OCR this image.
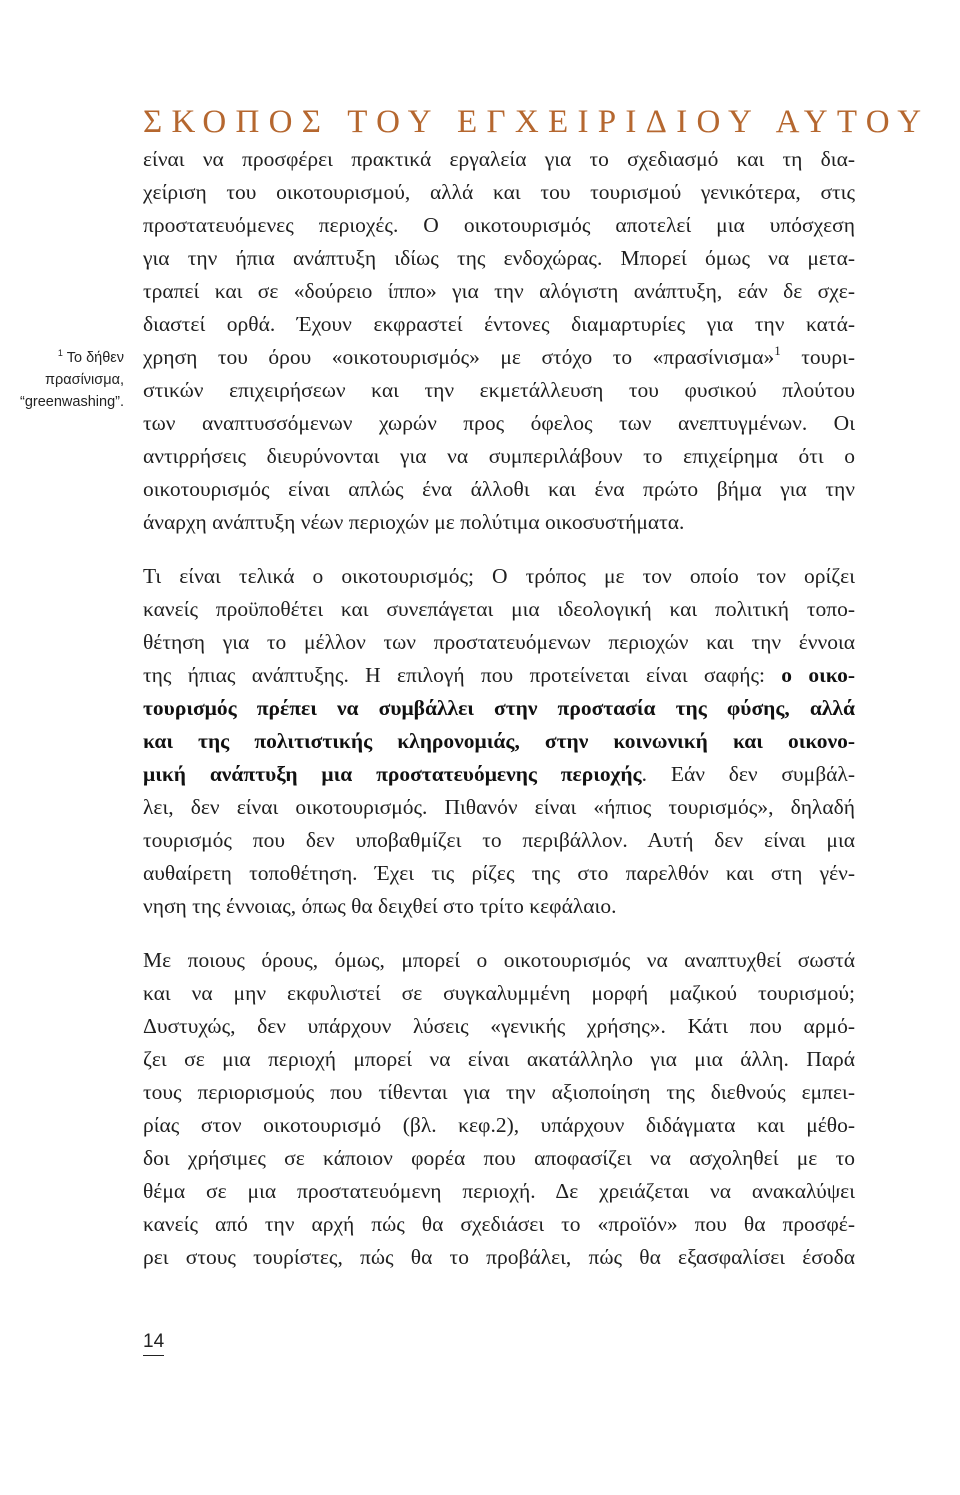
ΣΚΟΠΟΣ ΤΟΥ ΕΓΧΕΙΡΙΔΙΟΥ ΑΥΤΟΥ
$^1$ Το δήθεν
πρασίνισμα,
“greenwashing”.
είναι να προσφέρει πρακτικά εργαλεία για το σχεδιασμό και τη δια-
χείριση του οικοτουρισμού, αλλά και του τουρισμού γενικότερα, στις
προστατευόμενες περιοχές. Ο οικοτουρισμός αποτελεί μια υπόσχεση
για την ήπια ανάπτυξη ιδίως της ενδοχώρας. Μπορεί όμως να μετα-
τραπεί και σε «δούρειο ίππο» για την αλόγιστη ανάπτυξη, εάν δε σχε-
διαστεί ορθά. Έχουν εκφραστεί έντονες διαμαρτυρίες για την κατά-
χρηση του όρου «οικοτουρισμός» με στόχο το «πρασίνισμα»$^1$ τουρι-
στικών επιχειρήσεων και την εκμετάλλευση του φυσικού πλούτου
των αναπτυσσόμενων χωρών προς όφελος των ανεπτυγμένων. Οι
αντιρρήσεις διευρύνονται για να συμπεριλάβουν το επιχείρημα ότι ο
οικοτουρισμός είναι απλώς ένα άλλοθι και ένα πρώτο βήμα για την
άναρχη ανάπτυξη νέων περιοχών με πολύτιμα οικοσυστήματα.
Τι είναι τελικά ο οικοτουρισμός; Ο τρόπος με τον οποίο τον ορίζει
κανείς προϋποθέτει και συνεπάγεται μια ιδεολογική και πολιτική τοπο-
θέτηση για το μέλλον των προστατευόμενων περιοχών και την έννοια
της ήπιας ανάπτυξης. Η επιλογή που προτείνεται είναι σαφής: ο οικο-
τουρισμός πρέπει να συμβάλλει στην προστασία της φύσης, αλλά
και της πολιτιστικής κληρονομιάς, στην κοινωνική και οικονο-
μική ανάπτυξη μια προστατευόμενης περιοχής. Εάν δεν συμβάλ-
λει, δεν είναι οικοτουρισμός. Πιθανόν είναι «ήπιος τουρισμός», δηλαδή
τουρισμός που δεν υποβαθμίζει το περιβάλλον. Αυτή δεν είναι μια
αυθαίρετη τοποθέτηση. Έχει τις ρίζες της στο παρελθόν και στη γέν-
νηση της έννοιας, όπως θα δειχθεί στο τρίτο κεφάλαιο.
Με ποιους όρους, όμως, μπορεί ο οικοτουρισμός να αναπτυχθεί σωστά
και να μην εκφυλιστεί σε συγκαλυμμένη μορφή μαζικού τουρισμού;
Δυστυχώς, δεν υπάρχουν λύσεις «γενικής χρήσης». Κάτι που αρμό-
ζει σε μια περιοχή μπορεί να είναι ακατάλληλο για μια άλλη. Παρά
τους περιορισμούς που τίθενται για την αξιοποίηση της διεθνούς εμπει-
ρίας στον οικοτουρισμό (βλ. κεφ.2), υπάρχουν διδάγματα και μέθο-
δοι χρήσιμες σε κάποιον φορέα που αποφασίζει να ασχοληθεί με το
θέμα σε μια προστατευόμενη περιοχή. Δε χρειάζεται να ανακαλύψει
κανείς από την αρχή πώς θα σχεδιάσει το «προϊόν» που θα προσφέ-
ρει στους τουρίστες, πώς θα το προβάλει, πώς θα εξασφαλίσει έσοδα
14
